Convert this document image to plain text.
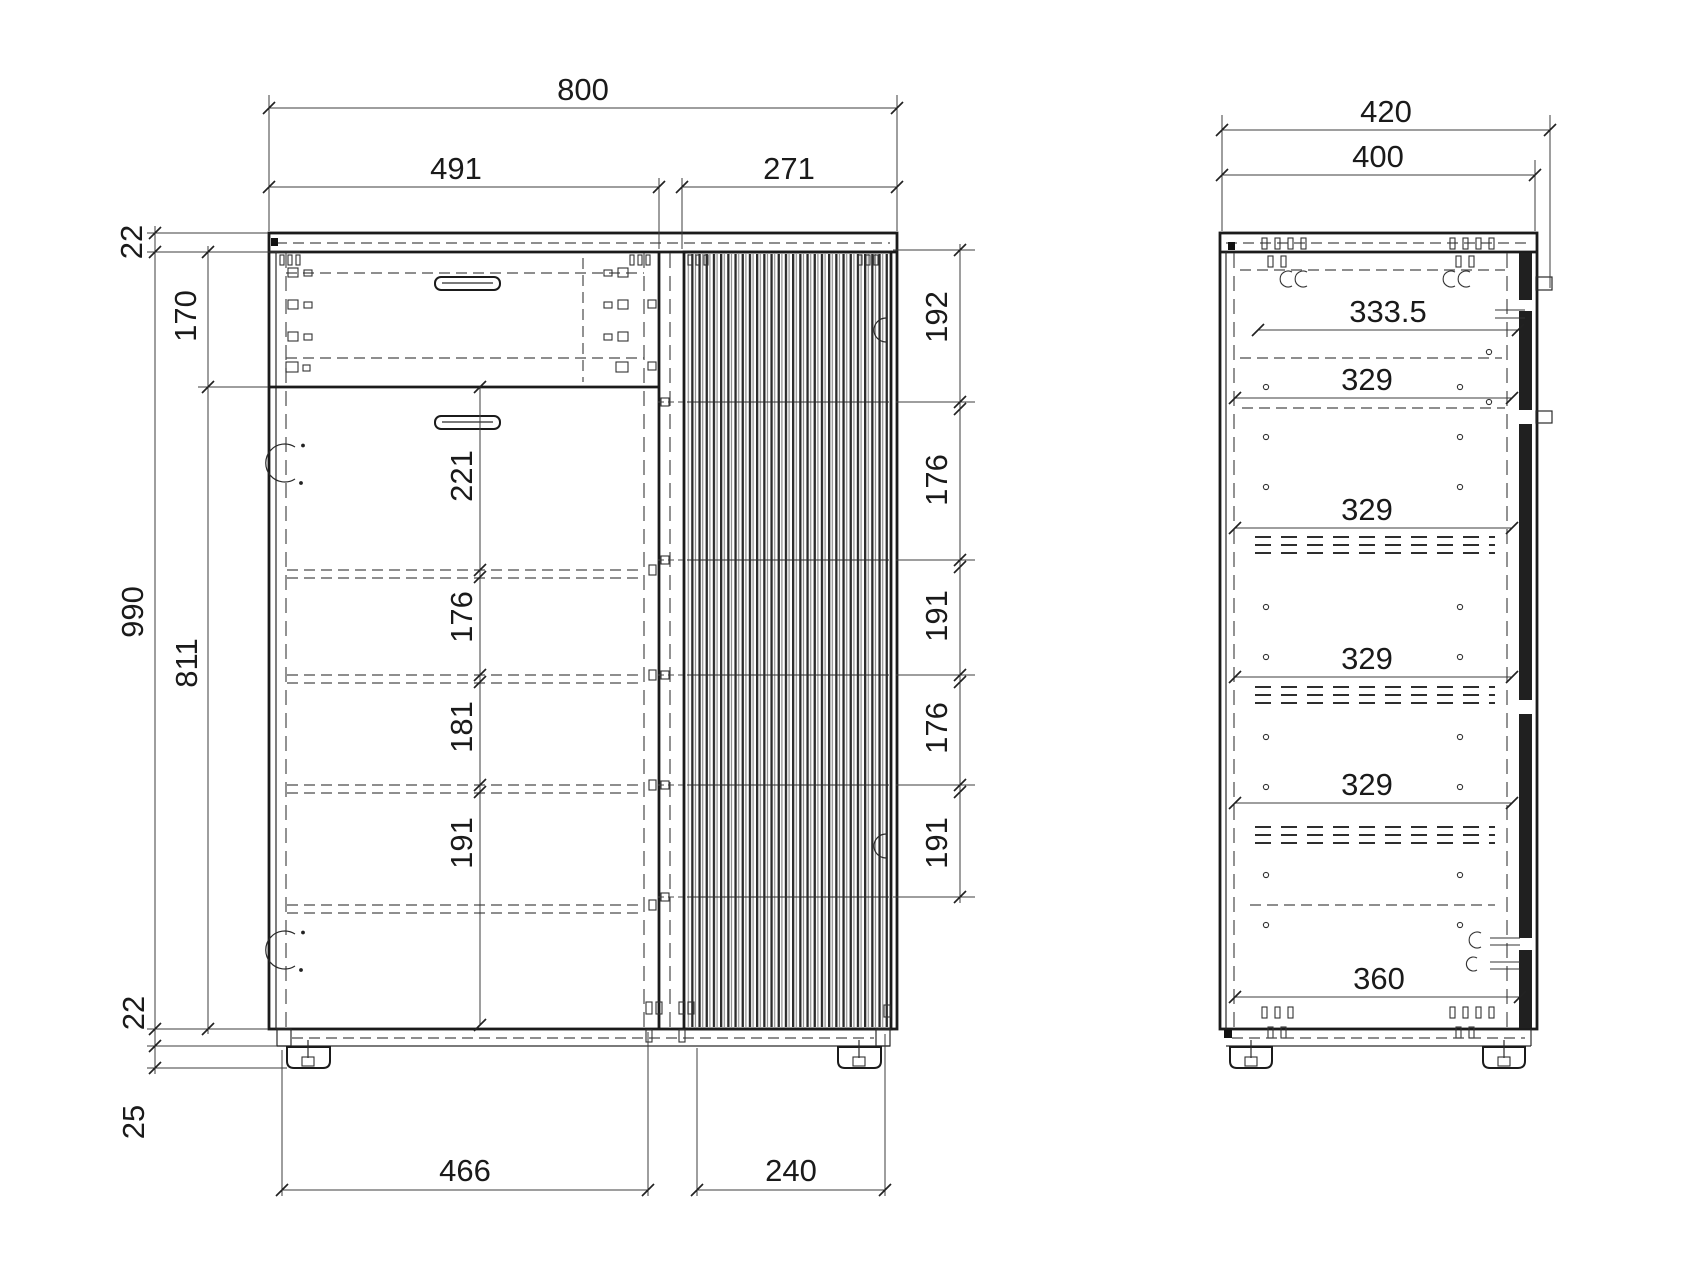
800
491	271
22
170
990
811
22
25
192
176
191
176
191
221
176
181
191
466	240
420
400
333.5
329
329
329
329
360
